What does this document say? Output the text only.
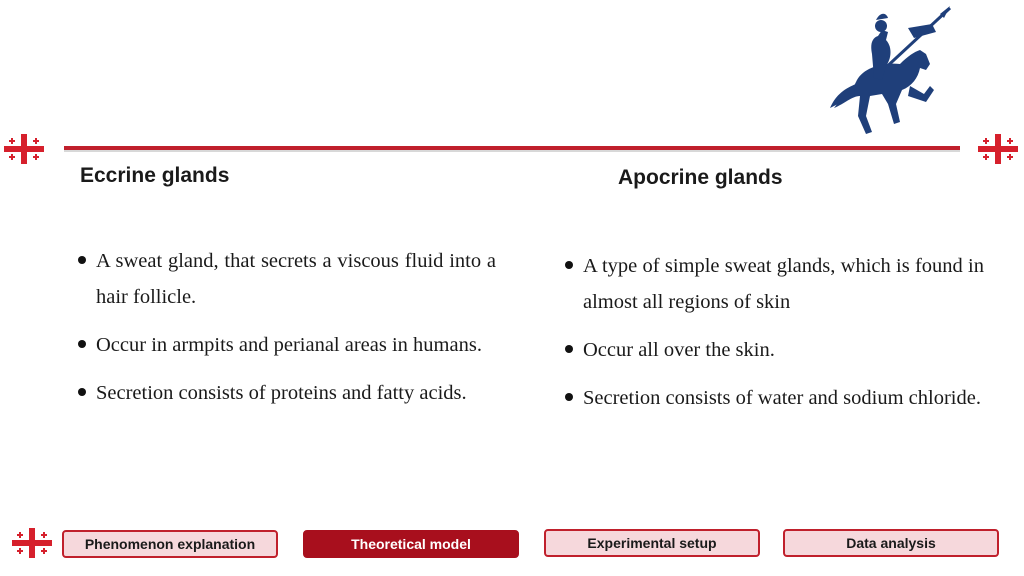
Eccrine glands
A sweat gland, that secrets a viscous fluid into a hair follicle.
Occur in armpits and perianal areas in humans.
Secretion consists of proteins and fatty acids.
Apocrine glands
A type of simple sweat glands, which is found in almost all regions of skin
Occur all over the skin.
Secretion consists of water and sodium chloride.
Phenomenon explanation	Theoretical model	Experimental setup	Data analysis
